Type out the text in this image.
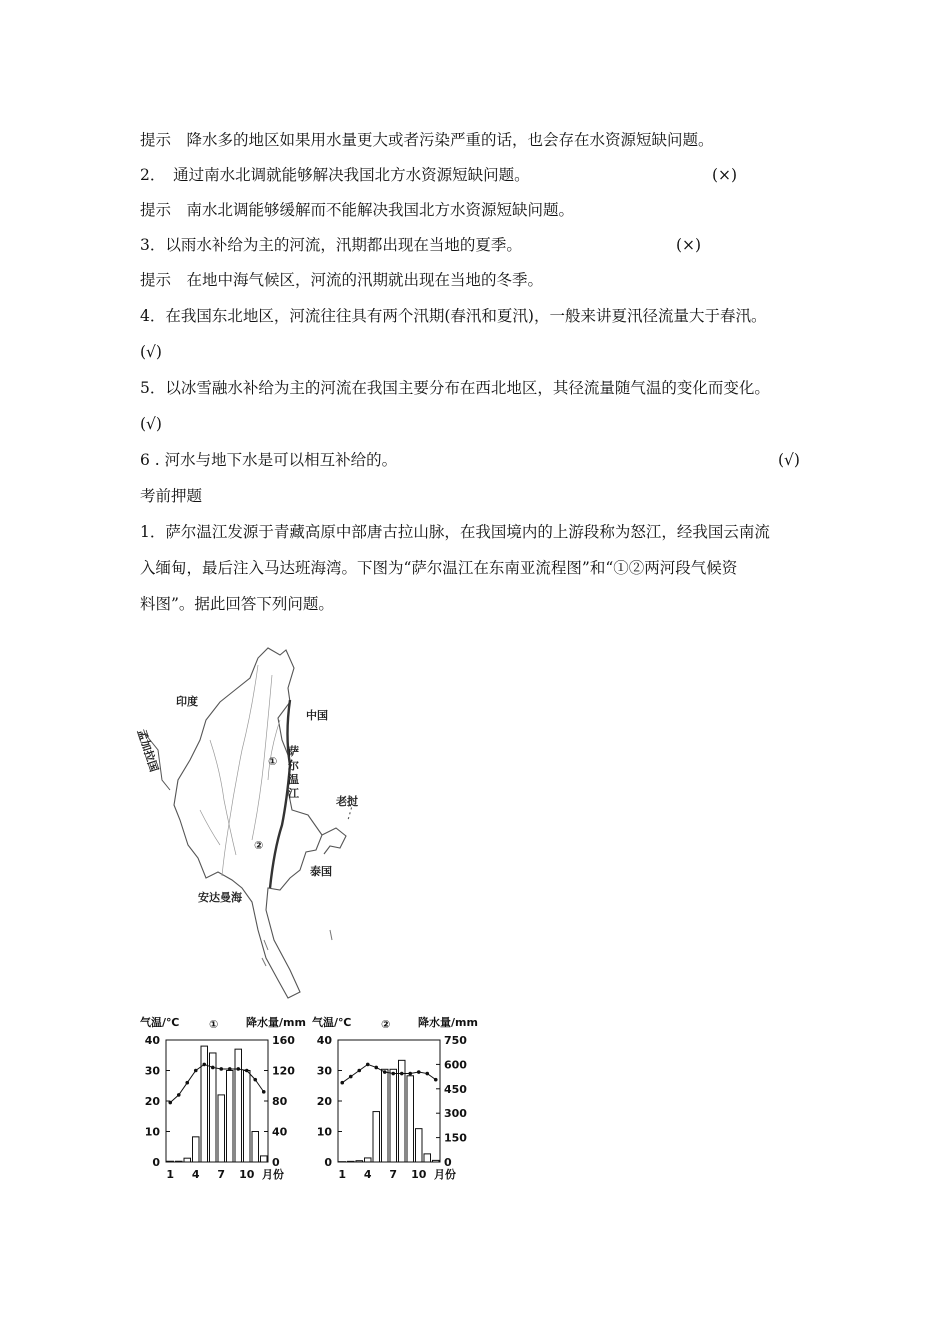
提示　降水多的地区如果用水量更大或者污染严重的话，也会存在水资源短缺问题。
2．　通过南水北调就能够解决我国北方水资源短缺问题。	(×)
提示　南水北调能够缓解而不能解决我国北方水资源短缺问题。
3．以雨水补给为主的河流，汛期都出现在当地的夏季。	(×)
提示　在地中海气候区，河流的汛期就出现在当地的冬季。
4．在我国东北地区，河流往往具有两个汛期(春汛和夏汛)，一般来讲夏汛径流量大于春汛。
(√)
5．以冰雪融水补给为主的河流在我国主要分布在西北地区，其径流量随气温的变化而变化。
(√)
6 . 河水与地下水是可以相互补给的。	(√)
考前押题
1．萨尔温江发源于青藏高原中部唐古拉山脉，在我国境内的上游段称为怒江，经我国云南流
入缅甸，最后注入马达班海湾。下图为“萨尔温江在东南亚流程图”和“①②两河段气候资
料图”。据此回答下列问题。
印度
中国
孟加拉国	①
萨
尔
温
江
老挝
②
泰国
安达曼海
气温/℃	①	降水量/mm
0
10
20
30
40
0
40
80
120
160
1 4 7 10 月份
气温/℃	②	降水量/mm
0
10
20
30
40
0
150
300
450
600
750
1 4 7 10 月份
